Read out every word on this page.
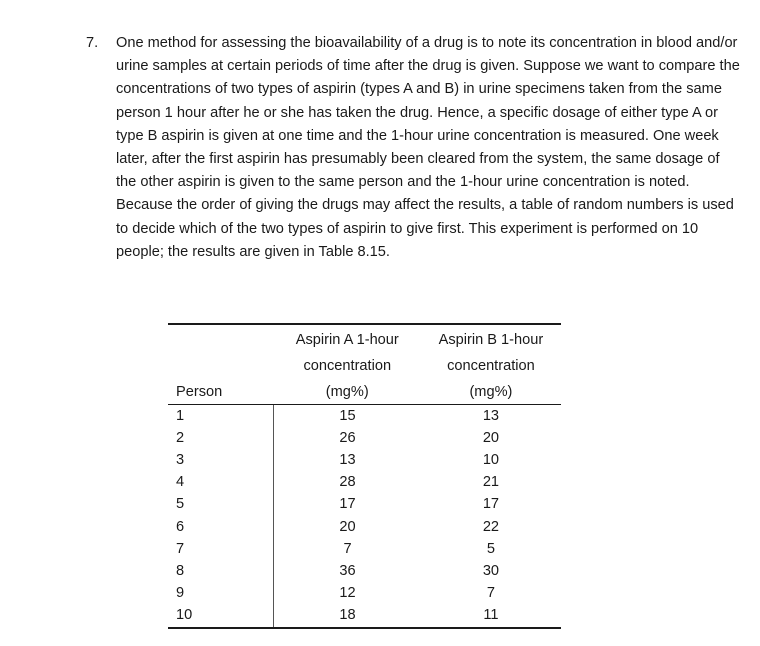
7. One method for assessing the bioavailability of a drug is to note its concentration in blood and/or urine samples at certain periods of time after the drug is given. Suppose we want to compare the concentrations of two types of aspirin (types A and B) in urine specimens taken from the same person 1 hour after he or she has taken the drug. Hence, a specific dosage of either type A or type B aspirin is given at one time and the 1-hour urine concentration is measured. One week later, after the first aspirin has presumably been cleared from the system, the same dosage of the other aspirin is given to the same person and the 1-hour urine concentration is noted. Because the order of giving the drugs may affect the results, a table of random numbers is used to decide which of the two types of aspirin to give first. This experiment is performed on 10 people; the results are given in Table 8.15.
	Aspirin A 1-hour	Aspirin B 1-hour
	concentration	concentration
Person	(mg%)	(mg%)
1	15	13
2	26	20
3	13	10
4	28	21
5	17	17
6	20	22
7	7	5
8	36	30
9	12	7
10	18	11
